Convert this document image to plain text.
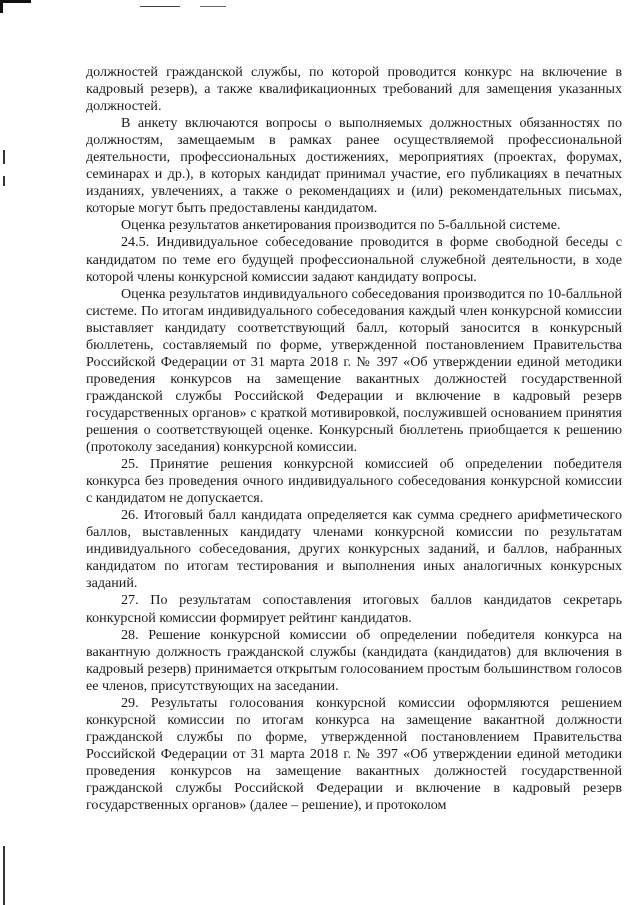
должностей гражданской службы, по которой проводится конкурс на включение в кадровый резерв), а также квалификационных требований для замещения указанных должностей.

В анкету включаются вопросы о выполняемых должностных обязанностях по должностям, замещаемым в рамках ранее осуществляемой профессиональной деятельности, профессиональных достижениях, мероприятиях (проектах, форумах, семинарах и др.), в которых кандидат принимал участие, его публикациях в печатных изданиях, увлечениях, а также о рекомендациях и (или) рекомендательных письмах, которые могут быть предоставлены кандидатом.

Оценка результатов анкетирования производится по 5-балльной системе.

24.5. Индивидуальное собеседование проводится в форме свободной беседы с кандидатом по теме его будущей профессиональной служебной деятельности, в ходе которой члены конкурсной комиссии задают кандидату вопросы.

Оценка результатов индивидуального собеседования производится по 10-балльной системе. По итогам индивидуального собеседования каждый член конкурсной комиссии выставляет кандидату соответствующий балл, который заносится в конкурсный бюллетень, составляемый по форме, утвержденной постановлением Правительства Российской Федерации от 31 марта 2018 г. № 397 «Об утверждении единой методики проведения конкурсов на замещение вакантных должностей государственной гражданской службы Российской Федерации и включение в кадровый резерв государственных органов» с краткой мотивировкой, послужившей основанием принятия решения о соответствующей оценке. Конкурсный бюллетень приобщается к решению (протоколу заседания) конкурсной комиссии.

25. Принятие решения конкурсной комиссией об определении победителя конкурса без проведения очного индивидуального собеседования конкурсной комиссии с кандидатом не допускается.

26. Итоговый балл кандидата определяется как сумма среднего арифметического баллов, выставленных кандидату членами конкурсной комиссии по результатам индивидуального собеседования, других конкурсных заданий, и баллов, набранных кандидатом по итогам тестирования и выполнения иных аналогичных конкурсных заданий.

27. По результатам сопоставления итоговых баллов кандидатов секретарь конкурсной комиссии формирует рейтинг кандидатов.

28. Решение конкурсной комиссии об определении победителя конкурса на вакантную должность гражданской службы (кандидата (кандидатов) для включения в кадровый резерв) принимается открытым голосованием простым большинством голосов ее членов, присутствующих на заседании.

29. Результаты голосования конкурсной комиссии оформляются решением конкурсной комиссии по итогам конкурса на замещение вакантной должности гражданской службы по форме, утвержденной постановлением Правительства Российской Федерации от 31 марта 2018 г. № 397 «Об утверждении единой методики проведения конкурсов на замещение вакантных должностей государственной гражданской службы Российской Федерации и включение в кадровый резерв государственных органов» (далее – решение), и протоколом
